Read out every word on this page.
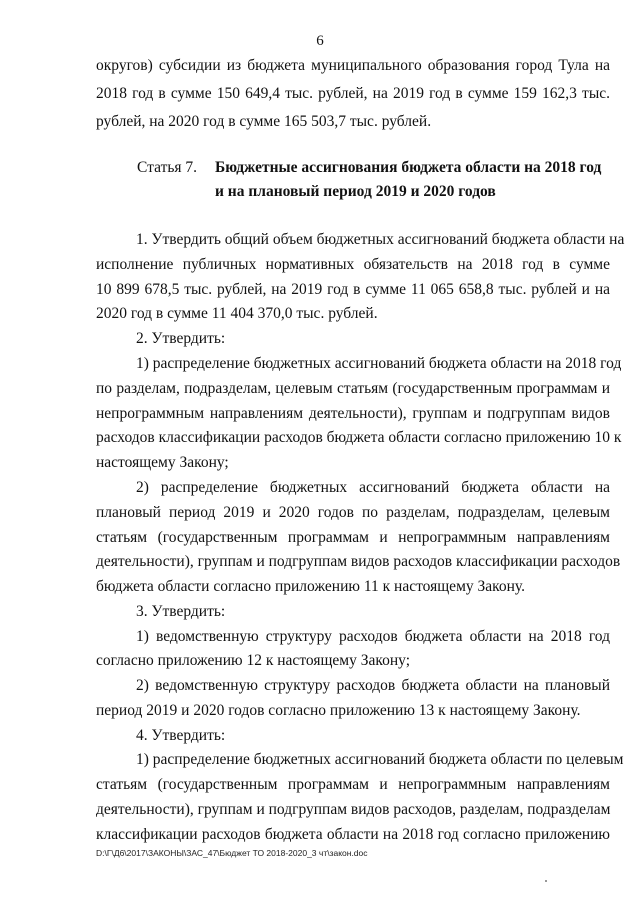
6
округов) субсидии из бюджета муниципального образования город Тула на
2018 год в сумме 150 649,4 тыс. рублей, на 2019 год в сумме 159 162,3 тыс.
рублей, на 2020 год в сумме 165 503,7 тыс. рублей.
Статья 7. Бюджетные ассигнования бюджета области на 2018 год
и на плановый период 2019 и 2020 годов
1. Утвердить общий объем бюджетных ассигнований бюджета области на
исполнение публичных нормативных обязательств на 2018 год в сумме
10 899 678,5 тыс. рублей, на 2019 год в сумме 11 065 658,8 тыс. рублей и на
2020 год в сумме 11 404 370,0 тыс. рублей.
2. Утвердить:
1) распределение бюджетных ассигнований бюджета области на 2018 год
по разделам, подразделам, целевым статьям (государственным программам и
непрограммным направлениям деятельности), группам и подгруппам видов
расходов классификации расходов бюджета области согласно приложению 10 к
настоящему Закону;
2) распределение бюджетных ассигнований бюджета области на
плановый период 2019 и 2020 годов по разделам, подразделам, целевым
статьям (государственным программам и непрограммным направлениям
деятельности), группам и подгруппам видов расходов классификации расходов
бюджета области согласно приложению 11 к настоящему Закону.
3. Утвердить:
1) ведомственную структуру расходов бюджета области на 2018 год
согласно приложению 12 к настоящему Закону;
2) ведомственную структуру расходов бюджета области на плановый
период 2019 и 2020 годов согласно приложению 13 к настоящему Закону.
4. Утвердить:
1) распределение бюджетных ассигнований бюджета области по целевым
статьям (государственным программам и непрограммным направлениям
деятельности), группам и подгруппам видов расходов, разделам, подразделам
классификации расходов бюджета области на 2018 год согласно приложению
D:\Г\Д6\2017\ЗАКОНЫ\ЗАС_47\Бюджет ТО 2018-2020_3 чт\закон.doc
